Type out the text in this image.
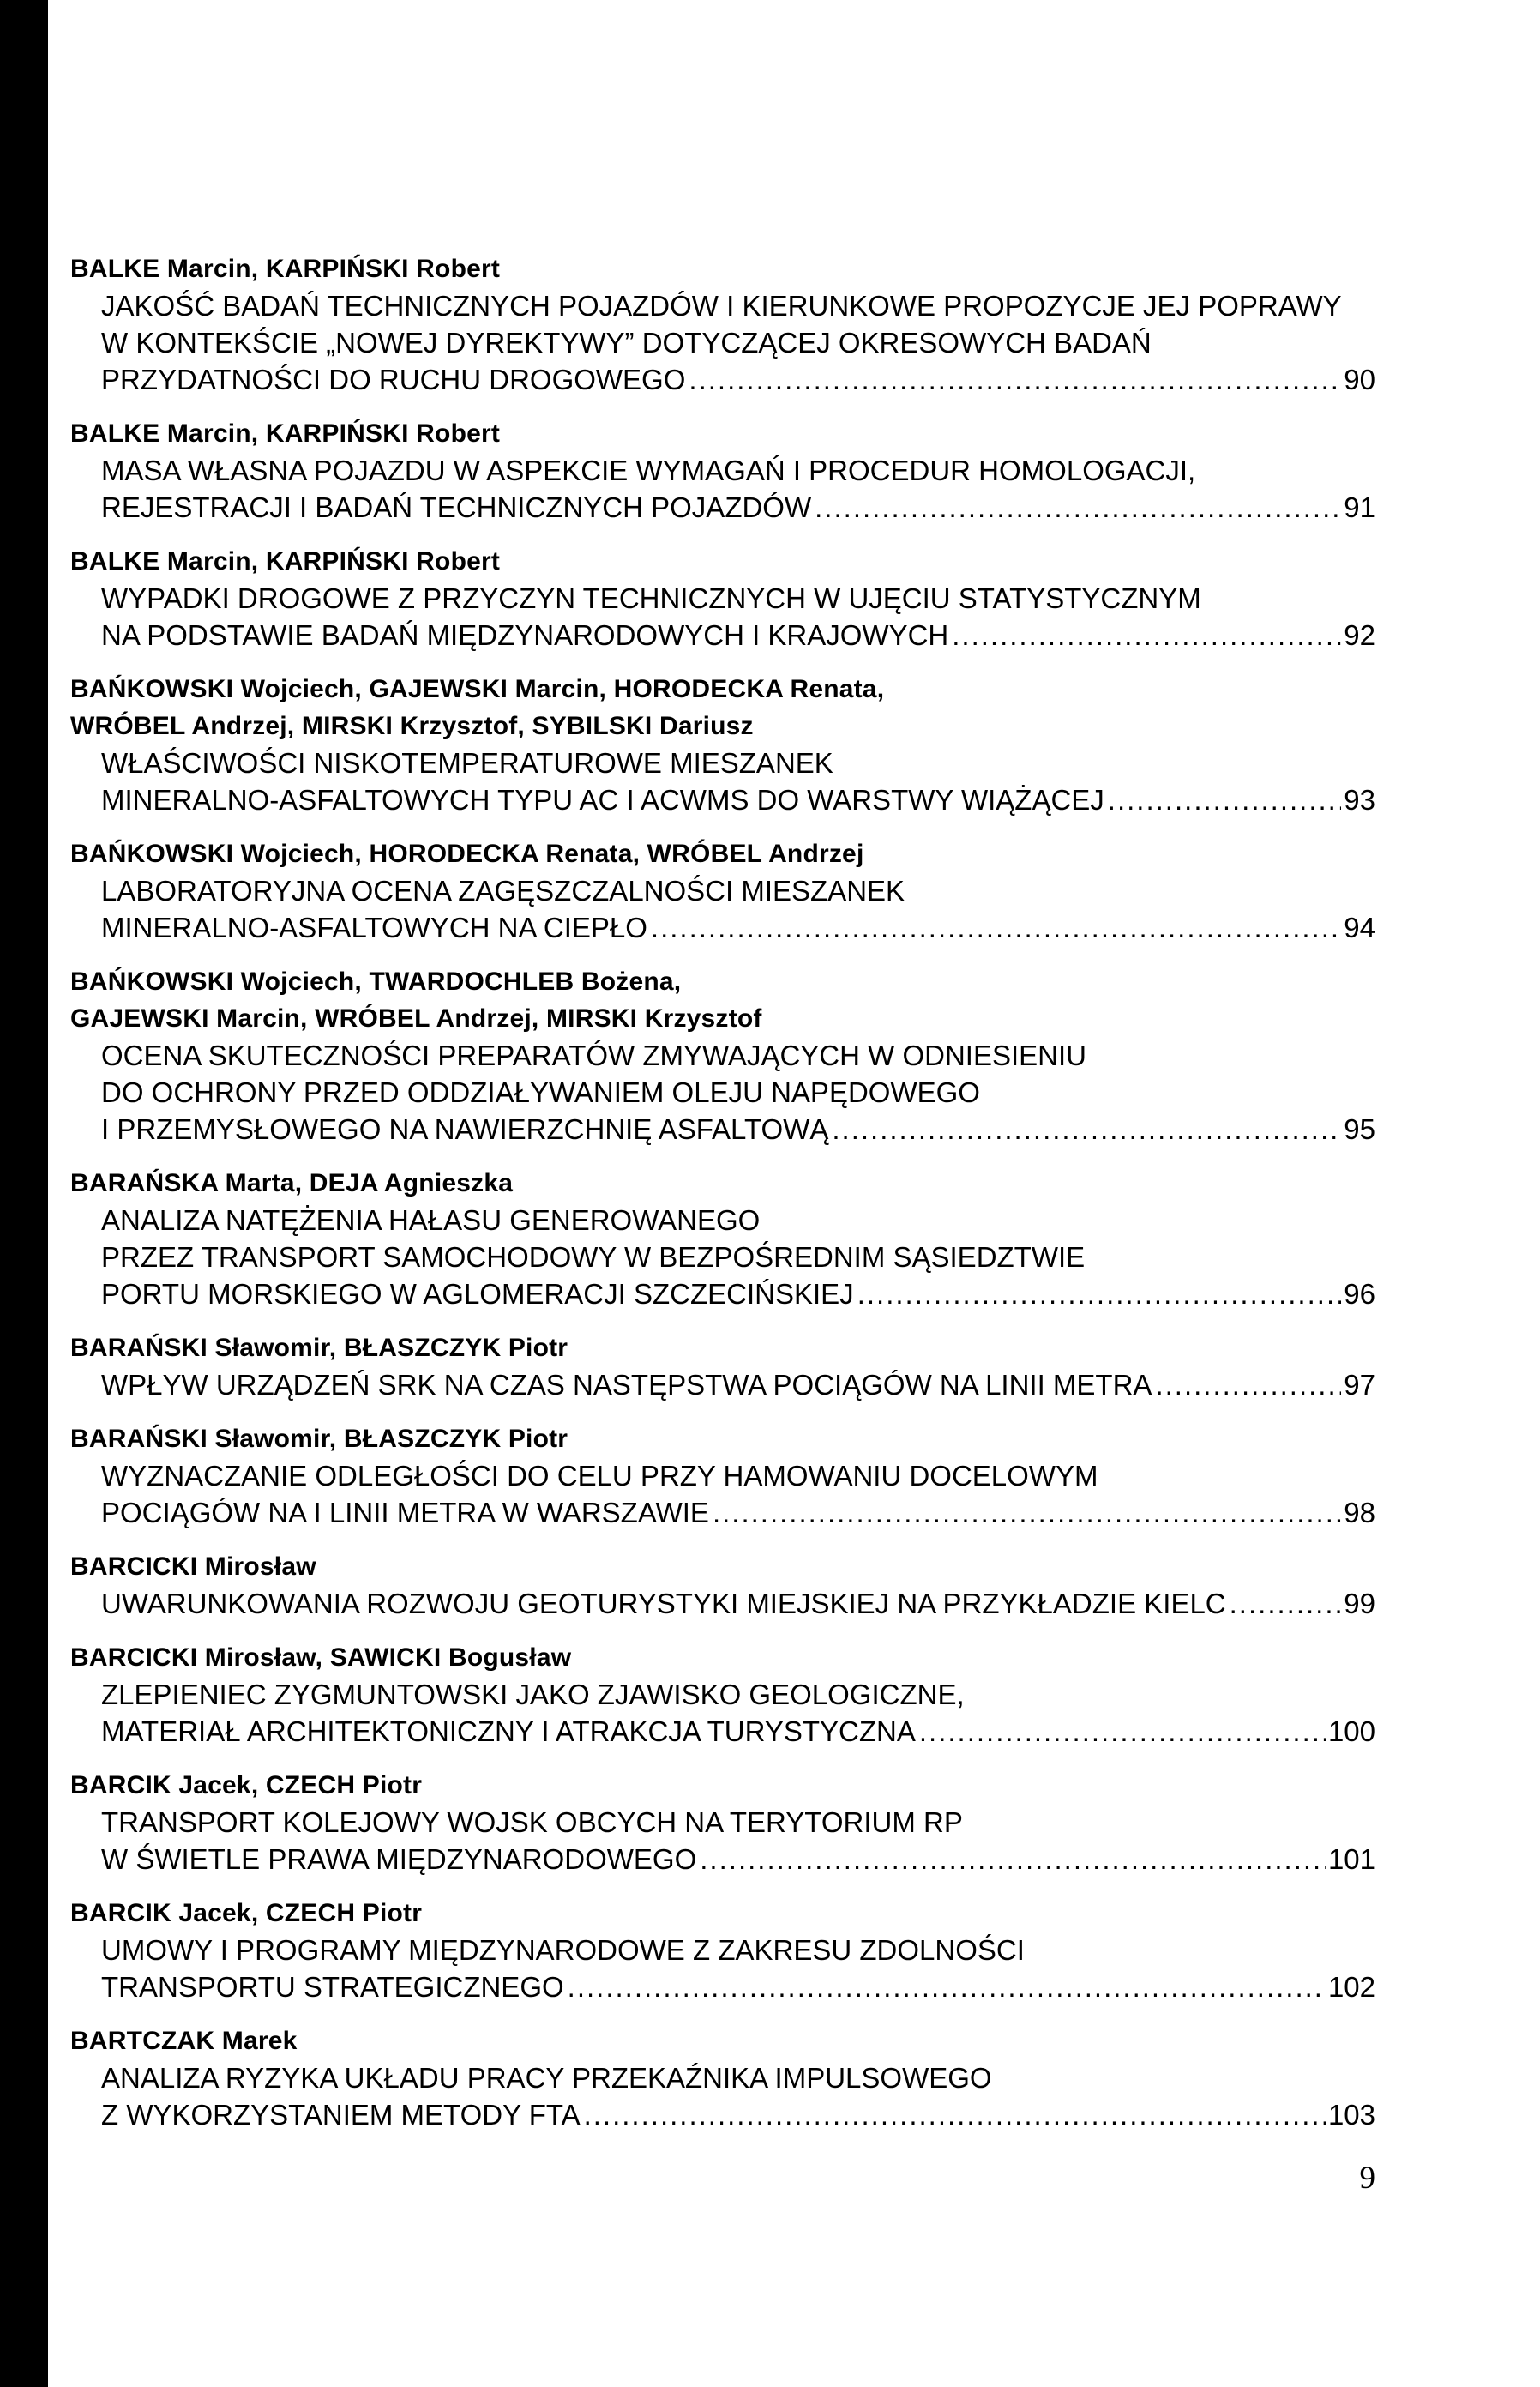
BALKE Marcin, KARPIŃSKI Robert
JAKOŚĆ BADAŃ TECHNICZNYCH POJAZDÓW I KIERUNKOWE PROPOZYCJE JEJ POPRAWY
W KONTEKŚCIE „NOWEJ DYREKTYWY” DOTYCZĄCEJ OKRESOWYCH BADAŃ
PRZYDATNOŚCI DO RUCHU DROGOWEGO .....	90
BALKE Marcin, KARPIŃSKI Robert
MASA WŁASNA POJAZDU W ASPEKCIE WYMAGAŃ I PROCEDUR HOMOLOGACJI,
REJESTRACJI I BADAŃ TECHNICZNYCH POJAZDÓW .....	91
BALKE Marcin, KARPIŃSKI Robert
WYPADKI DROGOWE Z PRZYCZYN TECHNICZNYCH W UJĘCIU STATYSTYCZNYM
NA PODSTAWIE BADAŃ MIĘDZYNARODOWYCH I KRAJOWYCH .....	92
BAŃKOWSKI Wojciech, GAJEWSKI Marcin, HORODECKA Renata,
WRÓBEL Andrzej, MIRSKI Krzysztof, SYBILSKI Dariusz
WŁAŚCIWOŚCI NISKOTEMPERATUROWE MIESZANEK
MINERALNO-ASFALTOWYCH TYPU AC I ACWMS DO WARSTWY WIĄŻĄCEJ .....	93
BAŃKOWSKI Wojciech, HORODECKA Renata, WRÓBEL Andrzej
LABORATORYJNA OCENA ZAGĘSZCZALNOŚCI MIESZANEK
MINERALNO-ASFALTOWYCH NA CIEPŁO .....	94
BAŃKOWSKI Wojciech, TWARDOCHLEB Bożena,
GAJEWSKI Marcin, WRÓBEL Andrzej, MIRSKI Krzysztof
OCENA SKUTECZNOŚCI PREPARATÓW ZMYWAJĄCYCH W ODNIESIENIU
DO OCHRONY PRZED ODDZIAŁYWANIEM OLEJU NAPĘDOWEGO
I PRZEMYSŁOWEGO NA NAWIERZCHNIĘ ASFALTOWĄ .....	95
BARAŃSKA Marta, DEJA Agnieszka
ANALIZA NATĘŻENIA HAŁASU GENEROWANEGO
PRZEZ TRANSPORT SAMOCHODOWY W BEZPOŚREDNIM SĄSIEDZTWIE
PORTU MORSKIEGO W AGLOMERACJI SZCZECIŃSKIEJ .....	96
BARAŃSKI Sławomir, BŁASZCZYK Piotr
WPŁYW URZĄDZEŃ SRK NA CZAS NASTĘPSTWA POCIĄGÓW NA LINII METRA .....	97
BARAŃSKI Sławomir, BŁASZCZYK Piotr
WYZNACZANIE ODLEGŁOŚCI DO CELU PRZY HAMOWANIU DOCELOWYM
POCIĄGÓW NA I LINII METRA W WARSZAWIE .....	98
BARCICKI Mirosław
UWARUNKOWANIA ROZWOJU GEOTURYSTYKI MIEJSKIEJ NA PRZYKŁADZIE KIELC .....	99
BARCICKI Mirosław, SAWICKI Bogusław
ZLEPIENIEC ZYGMUNTOWSKI JAKO ZJAWISKO GEOLOGICZNE,
MATERIAŁ ARCHITEKTONICZNY I ATRAKCJA TURYSTYCZNA .....	100
BARCIK Jacek, CZECH Piotr
TRANSPORT KOLEJOWY WOJSK OBCYCH NA TERYTORIUM RP
W ŚWIETLE PRAWA MIĘDZYNARODOWEGO .....	101
BARCIK Jacek, CZECH Piotr
UMOWY I PROGRAMY MIĘDZYNARODOWE Z ZAKRESU ZDOLNOŚCI
TRANSPORTU STRATEGICZNEGO .....	102
BARTCZAK Marek
ANALIZA RYZYKA UKŁADU PRACY PRZEKAŹNIKA IMPULSOWEGO
Z WYKORZYSTANIEM METODY FTA .....	103
9
